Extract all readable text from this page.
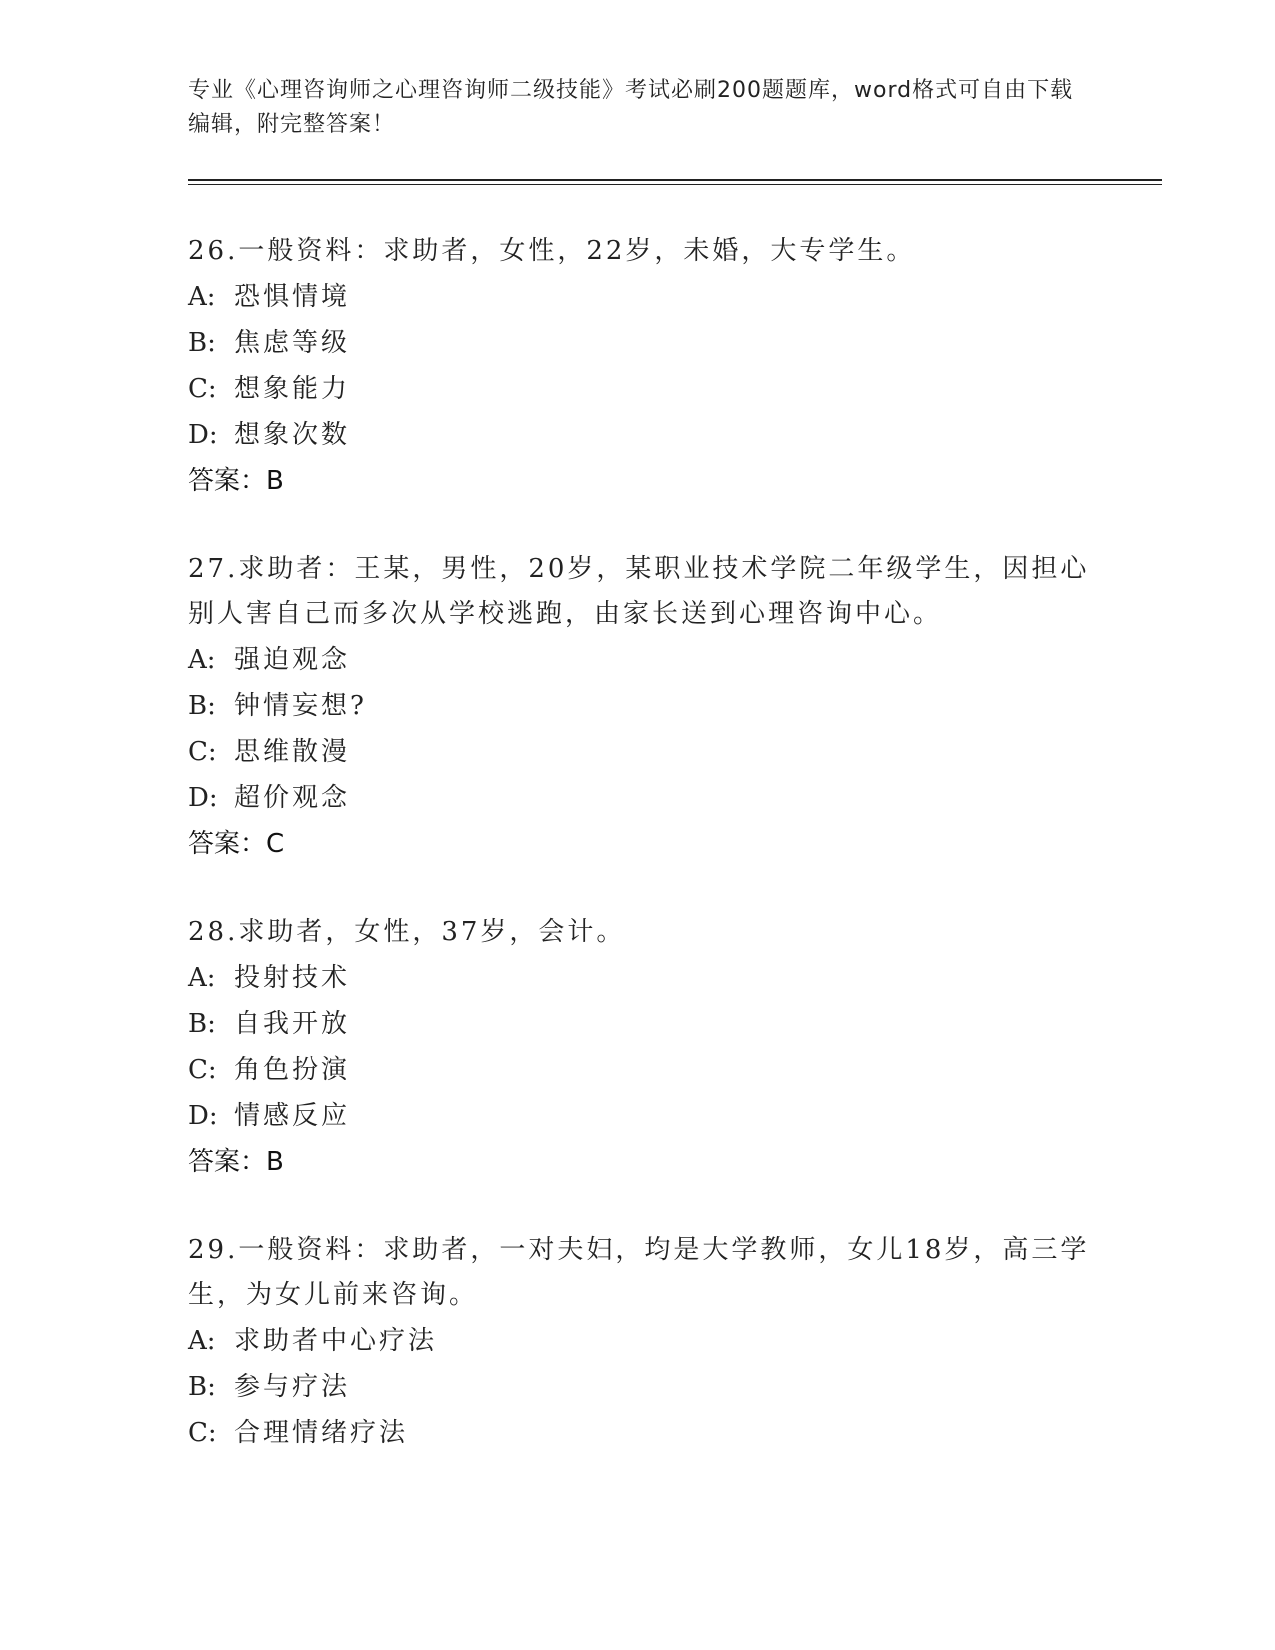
专业《心理咨询师之心理咨询师二级技能》考试必刷200题题库，word格式可自由下载编辑，附完整答案！
26.一般资料：求助者，女性，22岁，未婚，大专学生。
A: 恐惧情境
B: 焦虑等级
C: 想象能力
D: 想象次数
答案：B
27.求助者：王某，男性，20岁，某职业技术学院二年级学生，因担心别人害自己而多次从学校逃跑，由家长送到心理咨询中心。
A: 强迫观念
B: 钟情妄想?
C: 思维散漫
D: 超价观念
答案：C
28.求助者，女性，37岁，会计。
A: 投射技术
B: 自我开放
C: 角色扮演
D: 情感反应
答案：B
29.一般资料：求助者，一对夫妇，均是大学教师，女儿18岁，高三学生，为女儿前来咨询。
A: 求助者中心疗法
B: 参与疗法
C: 合理情绪疗法
